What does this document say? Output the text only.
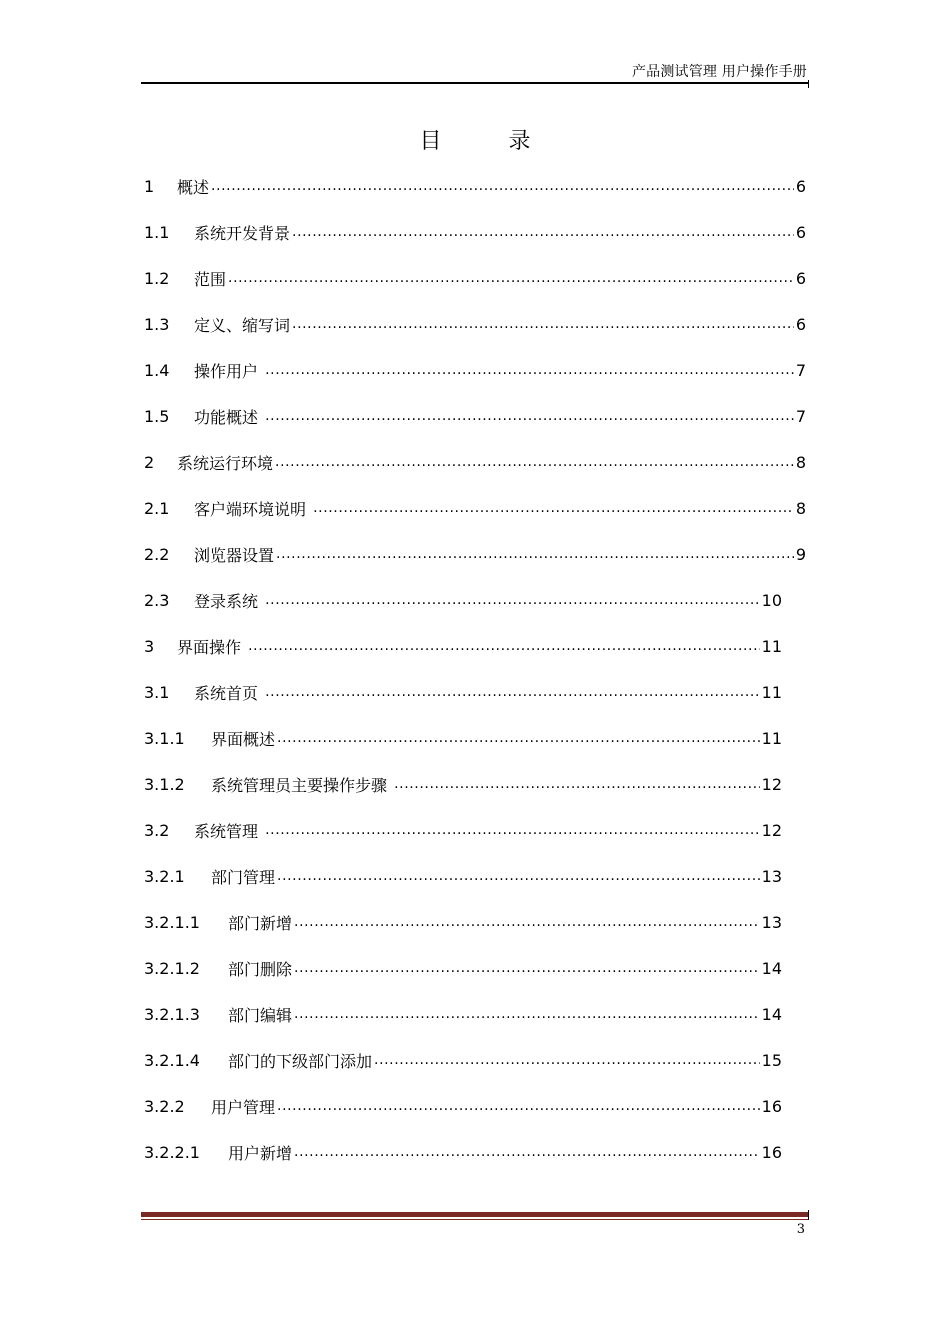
产品测试管理 用户操作手册
目 录
1	概述 .....	6
1.1	系统开发背景 .....	6
1.2	范围 .....	6
1.3	定义、缩写词 .....	6
1.4	操作用户 .....	7
1.5	功能概述 .....	7
2	系统运行环境 .....	8
2.1	客户端环境说明 .....	8
2.2	浏览器设置 .....	9
2.3	登录系统 .....	10
3	界面操作 .....	11
3.1	系统首页 .....	11
3.1.1	界面概述 .....	11
3.1.2	系统管理员主要操作步骤 .....	12
3.2	系统管理 .....	12
3.2.1	部门管理 .....	13
3.2.1.1	部门新增 .....	13
3.2.1.2	部门删除 .....	14
3.2.1.3	部门编辑 .....	14
3.2.1.4	部门的下级部门添加 .....	15
3.2.2	用户管理 .....	16
3.2.2.1	用户新增 .....	16
3
